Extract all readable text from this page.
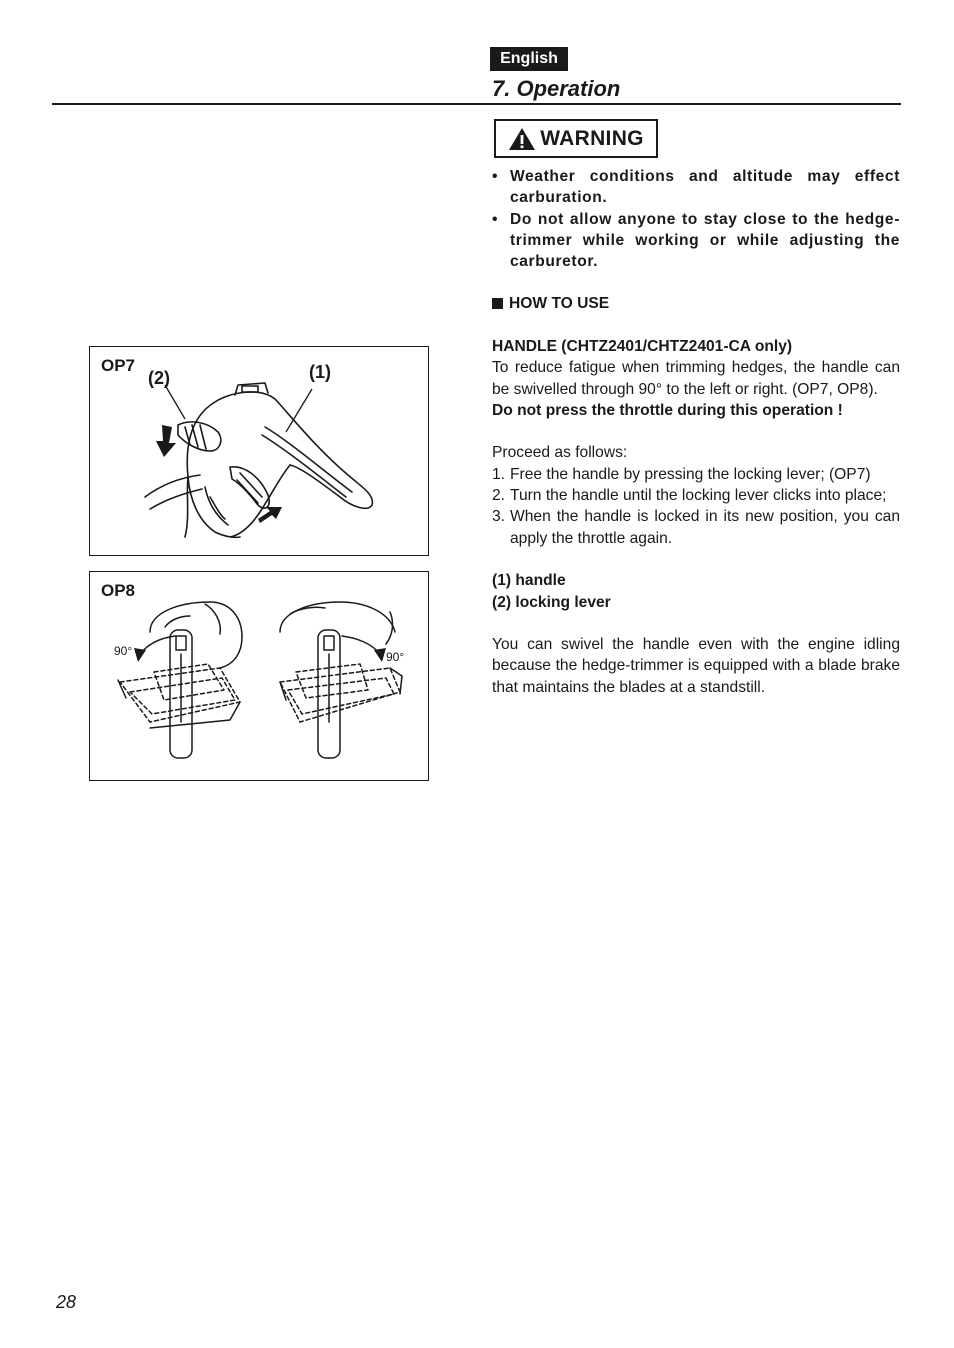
English
7. Operation
WARNING
• Weather conditions and altitude may effect carburation.
• Do not allow anyone to stay close to the hedge-trimmer while working or while adjusting the carburetor.
HOW TO USE

HANDLE (CHTZ2401/CHTZ2401-CA only)

To reduce fatigue when trimming hedges, the handle can be swivelled through 90° to the left or right. (OP7, OP8).

Do not press the throttle during this operation !

Proceed as follows:

1. Free the handle by pressing the locking lever; (OP7)
2. Turn the handle until the locking lever clicks into place;
3. When the handle is locked in its new position, you can apply the throttle again.

(1) handle

(2) locking lever

You can swivel the handle even with the engine idling because the hedge-trimmer is equipped with a blade brake that maintains the blades at a standstill.

OP7
(2)	(1)
OP8
90°	90°
28
